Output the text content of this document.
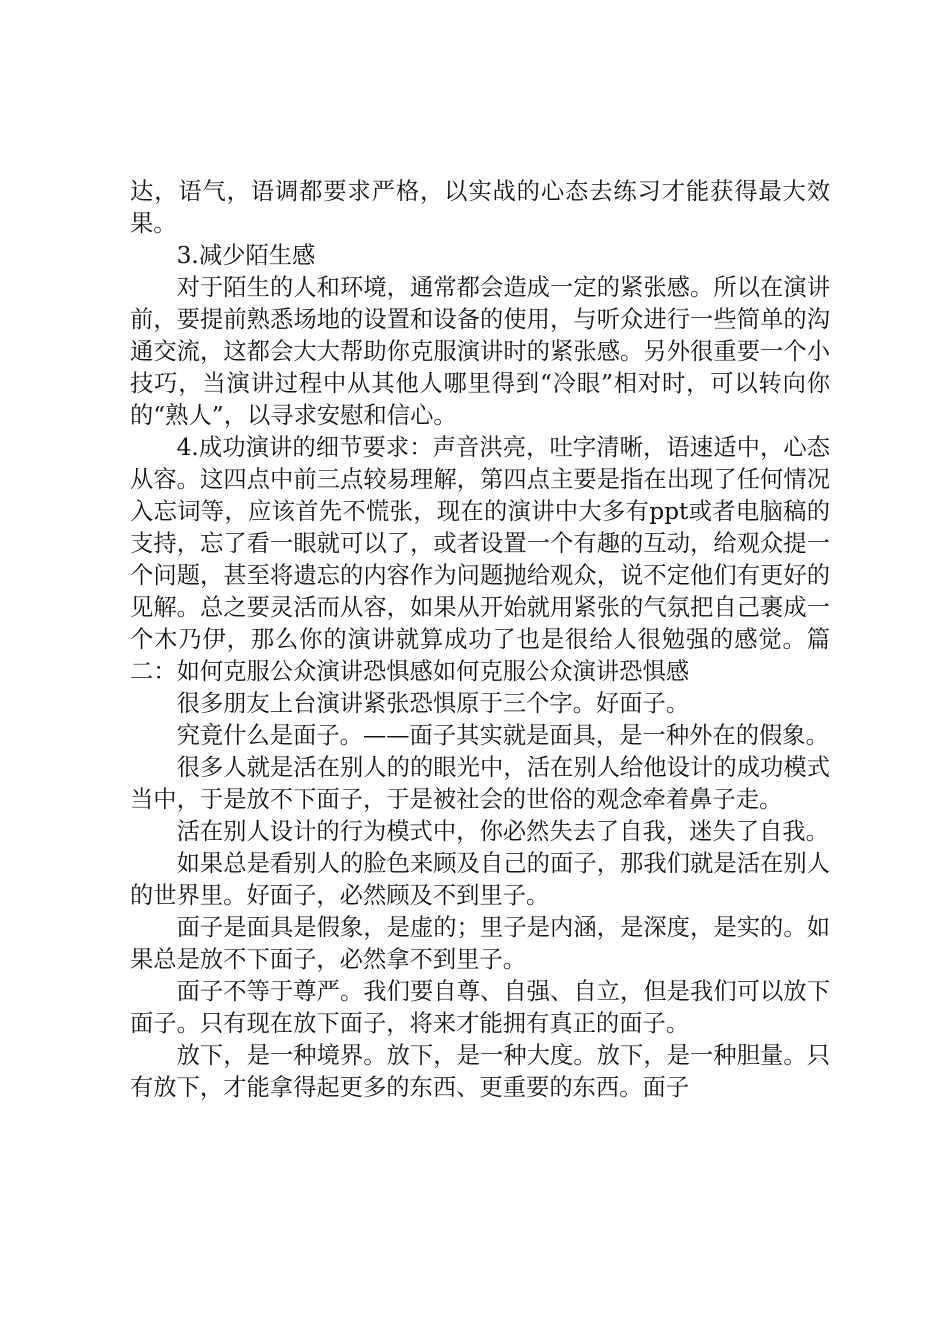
达，语气，语调都要求严格，以实战的心态去练习才能获得最大效果。

3.减少陌生感

对于陌生的人和环境，通常都会造成一定的紧张感。所以在演讲前，要提前熟悉场地的设置和设备的使用，与听众进行一些简单的沟通交流，这都会大大帮助你克服演讲时的紧张感。另外很重要一个小技巧，当演讲过程中从其他人哪里得到“冷眼”相对时，可以转向你的“熟人”，以寻求安慰和信心。

4.成功演讲的细节要求：声音洪亮，吐字清晰，语速适中，心态从容。这四点中前三点较易理解，第四点主要是指在出现了任何情况入忘词等，应该首先不慌张，现在的演讲中大多有ppt或者电脑稿的支持，忘了看一眼就可以了，或者设置一个有趣的互动，给观众提一个问题，甚至将遗忘的内容作为问题抛给观众，说不定他们有更好的见解。总之要灵活而从容，如果从开始就用紧张的气氛把自己裹成一个木乃伊，那么你的演讲就算成功了也是很给人很勉强的感觉。篇二：如何克服公众演讲恐惧感如何克服公众演讲恐惧感

很多朋友上台演讲紧张恐惧原于三个字。好面子。

究竟什么是面子。——面子其实就是面具，是一种外在的假象。

很多人就是活在别人的的眼光中，活在别人给他设计的成功模式当中，于是放不下面子，于是被社会的世俗的观念牵着鼻子走。

活在别人设计的行为模式中，你必然失去了自我，迷失了自我。

如果总是看别人的脸色来顾及自己的面子，那我们就是活在别人的世界里。好面子，必然顾及不到里子。

面子是面具是假象，是虚的；里子是内涵，是深度，是实的。如果总是放不下面子，必然拿不到里子。

面子不等于尊严。我们要自尊、自强、自立，但是我们可以放下面子。只有现在放下面子，将来才能拥有真正的面子。

放下，是一种境界。放下，是一种大度。放下，是一种胆量。只有放下，才能拿得起更多的东西、更重要的东西。面子
